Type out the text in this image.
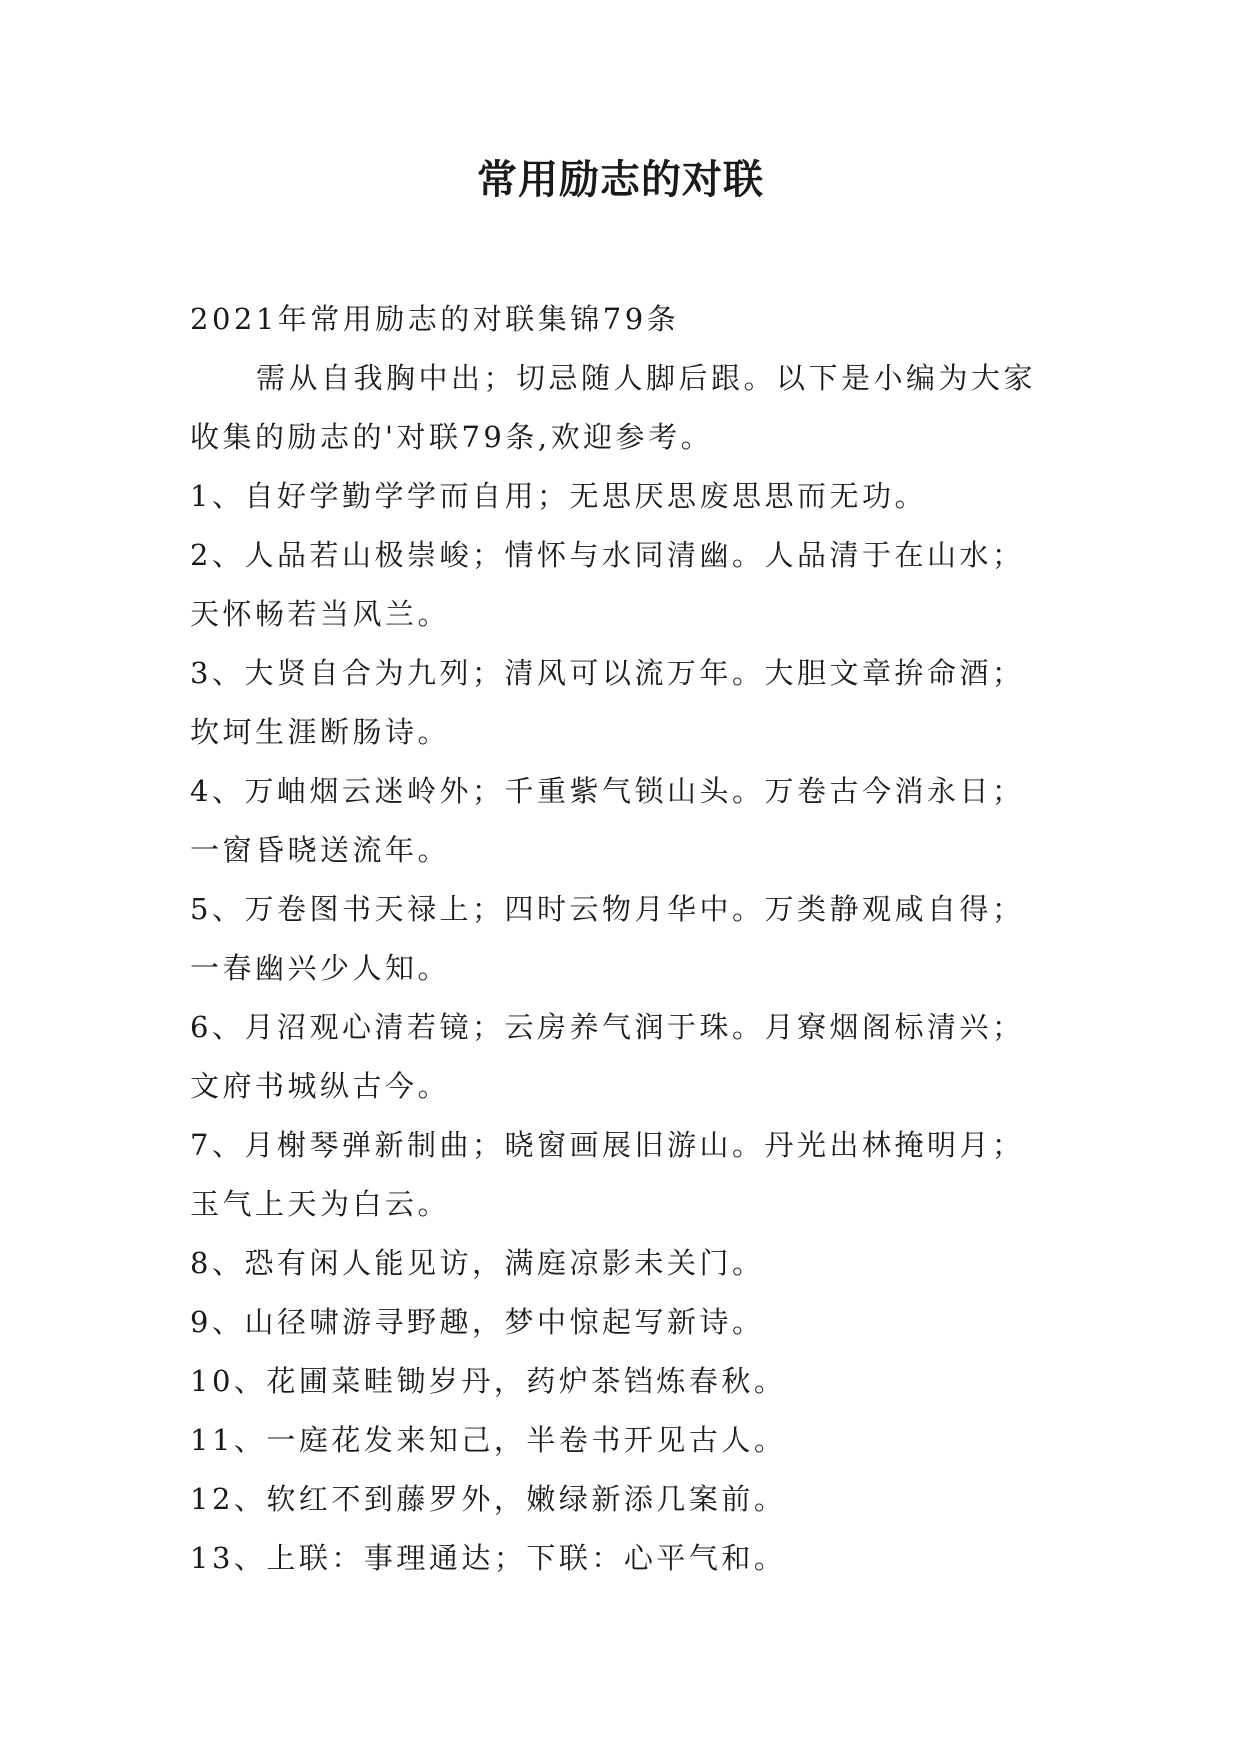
常用励志的对联

2021年常用励志的对联集锦79条

需从自我胸中出；切忌随人脚后跟。以下是小编为大家
收集的励志的'对联79条,欢迎参考。

1、自好学勤学学而自用；无思厌思废思思而无功。

2、人品若山极崇峻；情怀与水同清幽。人品清于在山水；
天怀畅若当风兰。

3、大贤自合为九列；清风可以流万年。大胆文章拚命酒；
坎坷生涯断肠诗。

4、万岫烟云迷岭外；千重紫气锁山头。万卷古今消永日；
一窗昏晓送流年。

5、万卷图书天禄上；四时云物月华中。万类静观咸自得；
一春幽兴少人知。

6、月沼观心清若镜；云房养气润于珠。月寮烟阁标清兴；
文府书城纵古今。

7、月榭琴弹新制曲；晓窗画展旧游山。丹光出林掩明月；
玉气上天为白云。

8、恐有闲人能见访，满庭凉影未关门。

9、山径啸游寻野趣，梦中惊起写新诗。

10、花圃菜畦锄岁丹，药炉茶铛炼春秋。

11、一庭花发来知己，半卷书开见古人。

12、软红不到藤罗外，嫩绿新添几案前。

13、上联：事理通达；下联：心平气和。
